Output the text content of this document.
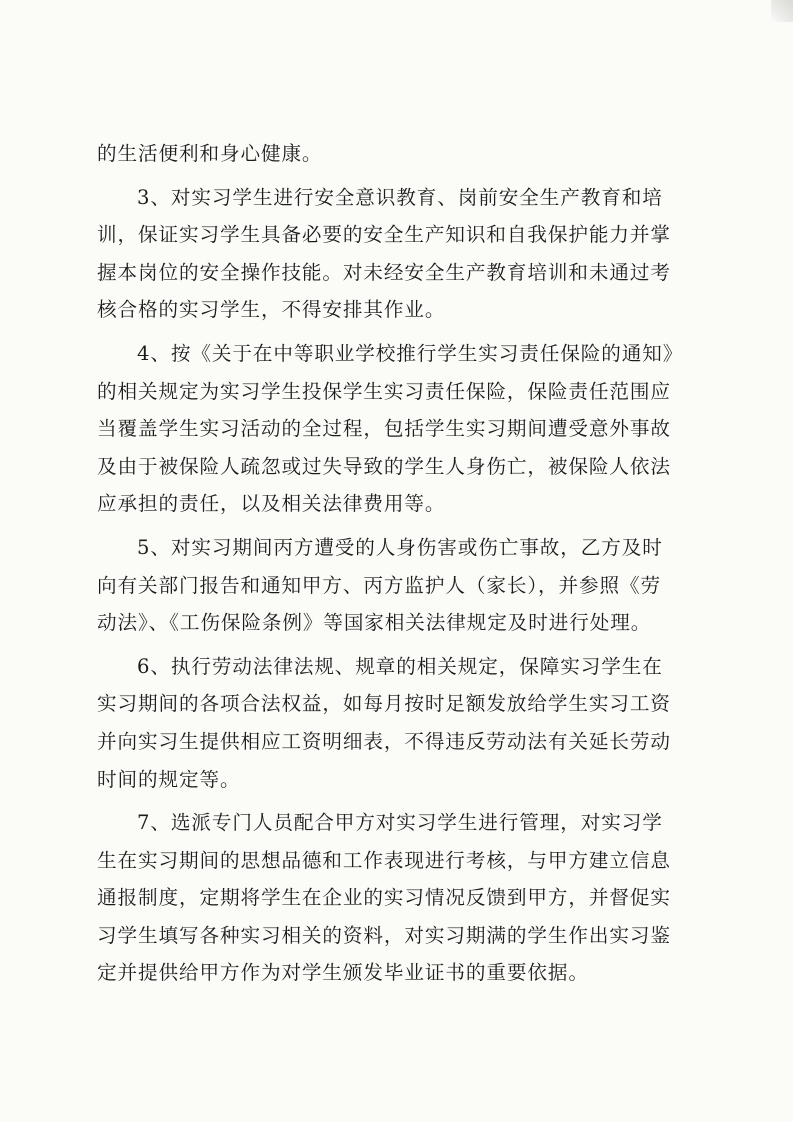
的生活便利和身心健康。
3、对实习学生进行安全意识教育、岗前安全生产教育和培
训，保证实习学生具备必要的安全生产知识和自我保护能力并掌
握本岗位的安全操作技能。对未经安全生产教育培训和未通过考
核合格的实习学生，不得安排其作业。
4、按《关于在中等职业学校推行学生实习责任保险的通知》
的相关规定为实习学生投保学生实习责任保险，保险责任范围应
当覆盖学生实习活动的全过程，包括学生实习期间遭受意外事故
及由于被保险人疏忽或过失导致的学生人身伤亡，被保险人依法
应承担的责任，以及相关法律费用等。
5、对实习期间丙方遭受的人身伤害或伤亡事故，乙方及时
向有关部门报告和通知甲方、丙方监护人（家长），并参照《劳
动法》、《工伤保险条例》等国家相关法律规定及时进行处理。
6、执行劳动法律法规、规章的相关规定，保障实习学生在
实习期间的各项合法权益，如每月按时足额发放给学生实习工资
并向实习生提供相应工资明细表，不得违反劳动法有关延长劳动
时间的规定等。
7、选派专门人员配合甲方对实习学生进行管理，对实习学
生在实习期间的思想品德和工作表现进行考核，与甲方建立信息
通报制度，定期将学生在企业的实习情况反馈到甲方，并督促实
习学生填写各种实习相关的资料，对实习期满的学生作出实习鉴
定并提供给甲方作为对学生颁发毕业证书的重要依据。
